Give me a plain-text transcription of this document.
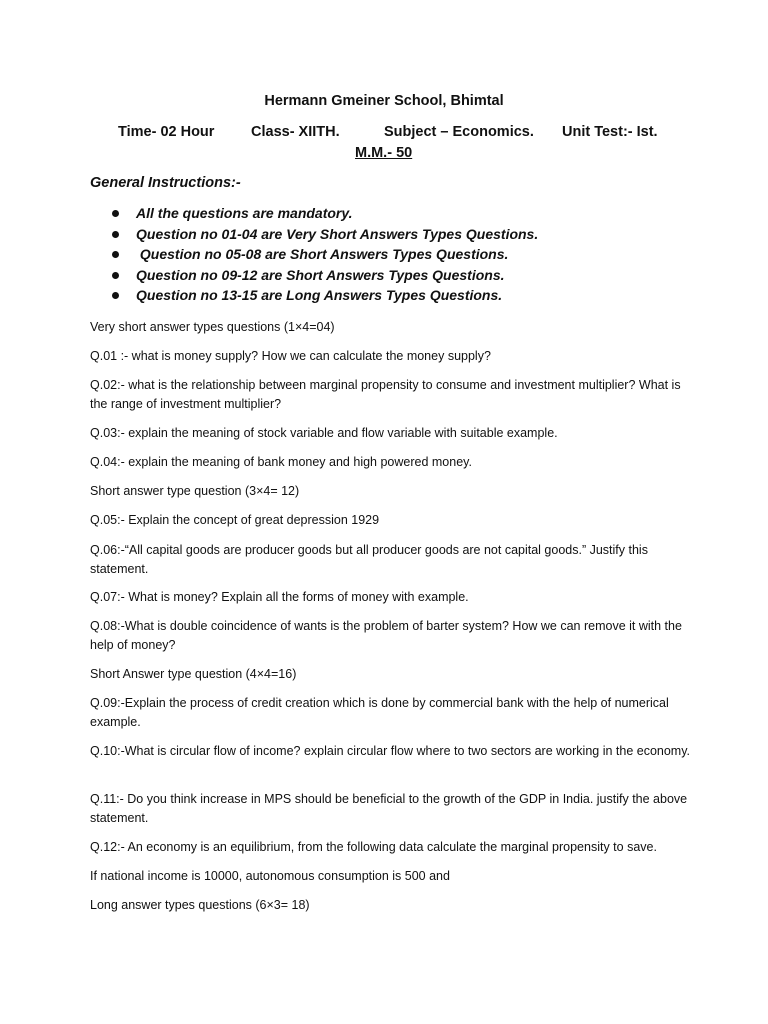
Hermann Gmeiner School, Bhimtal
Time- 02 Hour	Class- XIITH.	Subject – Economics. Unit Test:- Ist.
M.M.- 50
General Instructions:-
All the questions are mandatory.
Question no 01-04 are Very Short Answers Types Questions.
Question no 05-08 are Short Answers Types Questions.
Question no 09-12 are Short Answers Types Questions.
Question no 13-15 are Long Answers Types Questions.
Very short answer types questions (1×4=04)
Q.01 :- what is money supply? How we can calculate the money supply?
Q.02:- what is the relationship between marginal propensity to consume and investment multiplier? What is the range of investment multiplier?
Q.03:- explain the meaning of stock variable and flow variable with suitable example.
Q.04:- explain the meaning of bank money and high powered money.
Short answer type question (3×4= 12)
Q.05:- Explain the concept of great depression 1929
Q.06:-“All capital goods are producer goods but all producer goods are not capital goods.” Justify this statement.
Q.07:- What is money? Explain all the forms of money with example.
Q.08:-What is double coincidence of wants is the problem of barter system? How we can remove it with the help of money?
Short Answer type question (4×4=16)
Q.09:-Explain the process of credit creation which is done by commercial bank with the help of numerical example.
Q.10:-What is circular flow of income? explain circular flow where to two sectors are working in the economy.
Q.11:- Do you think increase in MPS should be beneficial to the growth of the GDP in India. justify the above statement.
Q.12:- An economy is an equilibrium, from the following data calculate the marginal propensity to save.
If national income is 10000, autonomous consumption is 500 and
Long answer types questions (6×3= 18)
